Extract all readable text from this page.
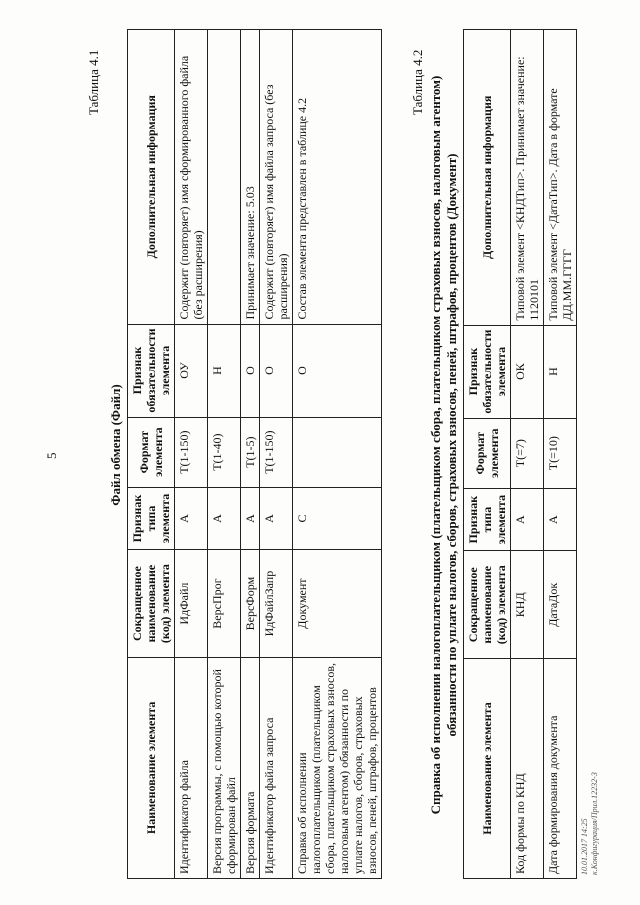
5
Таблица 4.1
Файл обмена (Файл)
Наименование элемента	Сокращенное наименование (код) элемента	Признак типа элемента	Формат элемента	Признак обязательности элемента	Дополнительная информация
Идентификатор файла	ИдФайл	А	Т(1-150)	ОУ	Содержит (повторяет) имя сформированного файла (без расширения)
Версия программы, с помощью которой сформирован файл	ВерсПрог	А	Т(1-40)	Н	
Версия формата	ВерсФорм	А	Т(1-5)	О	Принимает значение: 5.03
Идентификатор файла запроса	ИдФайлЗапр	А	Т(1-150)	О	Содержит (повторяет) имя файла запроса (без расширения)
Справка об исполнении налогоплательщиком (плательщиком сбора, плательщиком страховых взносов, налоговым агентом) обязанности по уплате налогов, сборов, страховых взносов, пеней, штрафов, процентов	Документ	С		О	Состав элемента представлен в таблице 4.2
Таблица 4.2 Справка об исполнении налогоплательщиком (плательщиком сбора, плательщиком страховых взносов, налоговым агентом) обязанности по уплате налогов, сборов, страховых взносов, пеней, штрафов, процентов (Документ)
Наименование элемента	Сокращенное наименование (код) элемента	Признак типа элемента	Формат элемента	Признак обязательности элемента	Дополнительная информация
Код формы по КНД	КНД	А	Т(=7)	ОК	Типовой элемент <КНДТип>. Принимает значение: 1120101
Дата формирования документа	ДатаДок	А	Т(=10)	Н	Типовой элемент <ДатаТип>. Дата в формате ДД.ММ.ГГГГ
10.01.2017 14:25 к.Конфигурация/Прил.12232-3
